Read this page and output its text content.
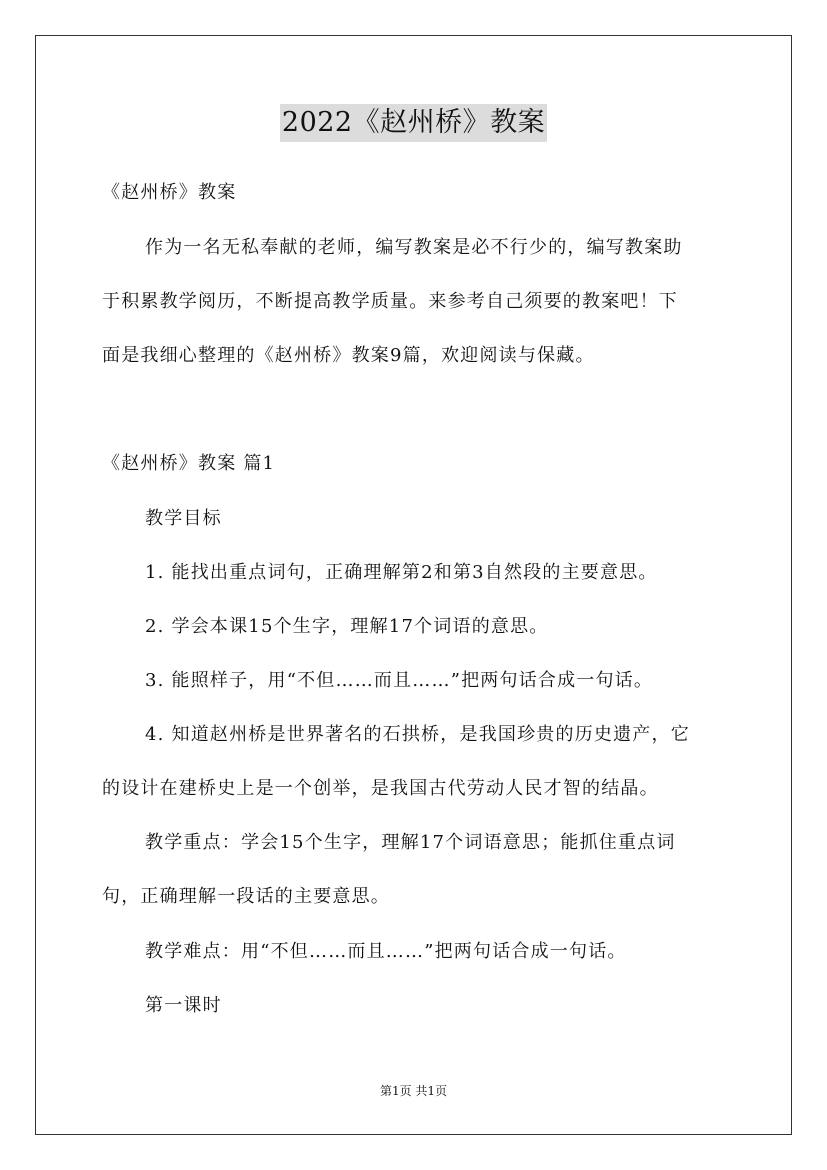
2022《赵州桥》教案
《赵州桥》教案
作为一名无私奉献的老师，编写教案是必不行少的，编写教案助
于积累教学阅历，不断提高教学质量。来参考自己须要的教案吧！下
面是我细心整理的《赵州桥》教案9篇，欢迎阅读与保藏。
《赵州桥》教案 篇1
教学目标
1. 能找出重点词句，正确理解第2和第3自然段的主要意思。
2. 学会本课15个生字，理解17个词语的意思。
3. 能照样子，用“不但……而且……”把两句话合成一句话。
4. 知道赵州桥是世界著名的石拱桥，是我国珍贵的历史遗产，它
的设计在建桥史上是一个创举，是我国古代劳动人民才智的结晶。
教学重点：学会15个生字，理解17个词语意思；能抓住重点词
句，正确理解一段话的主要意思。
教学难点：用“不但……而且……”把两句话合成一句话。
第一课时
第1页 共1页
